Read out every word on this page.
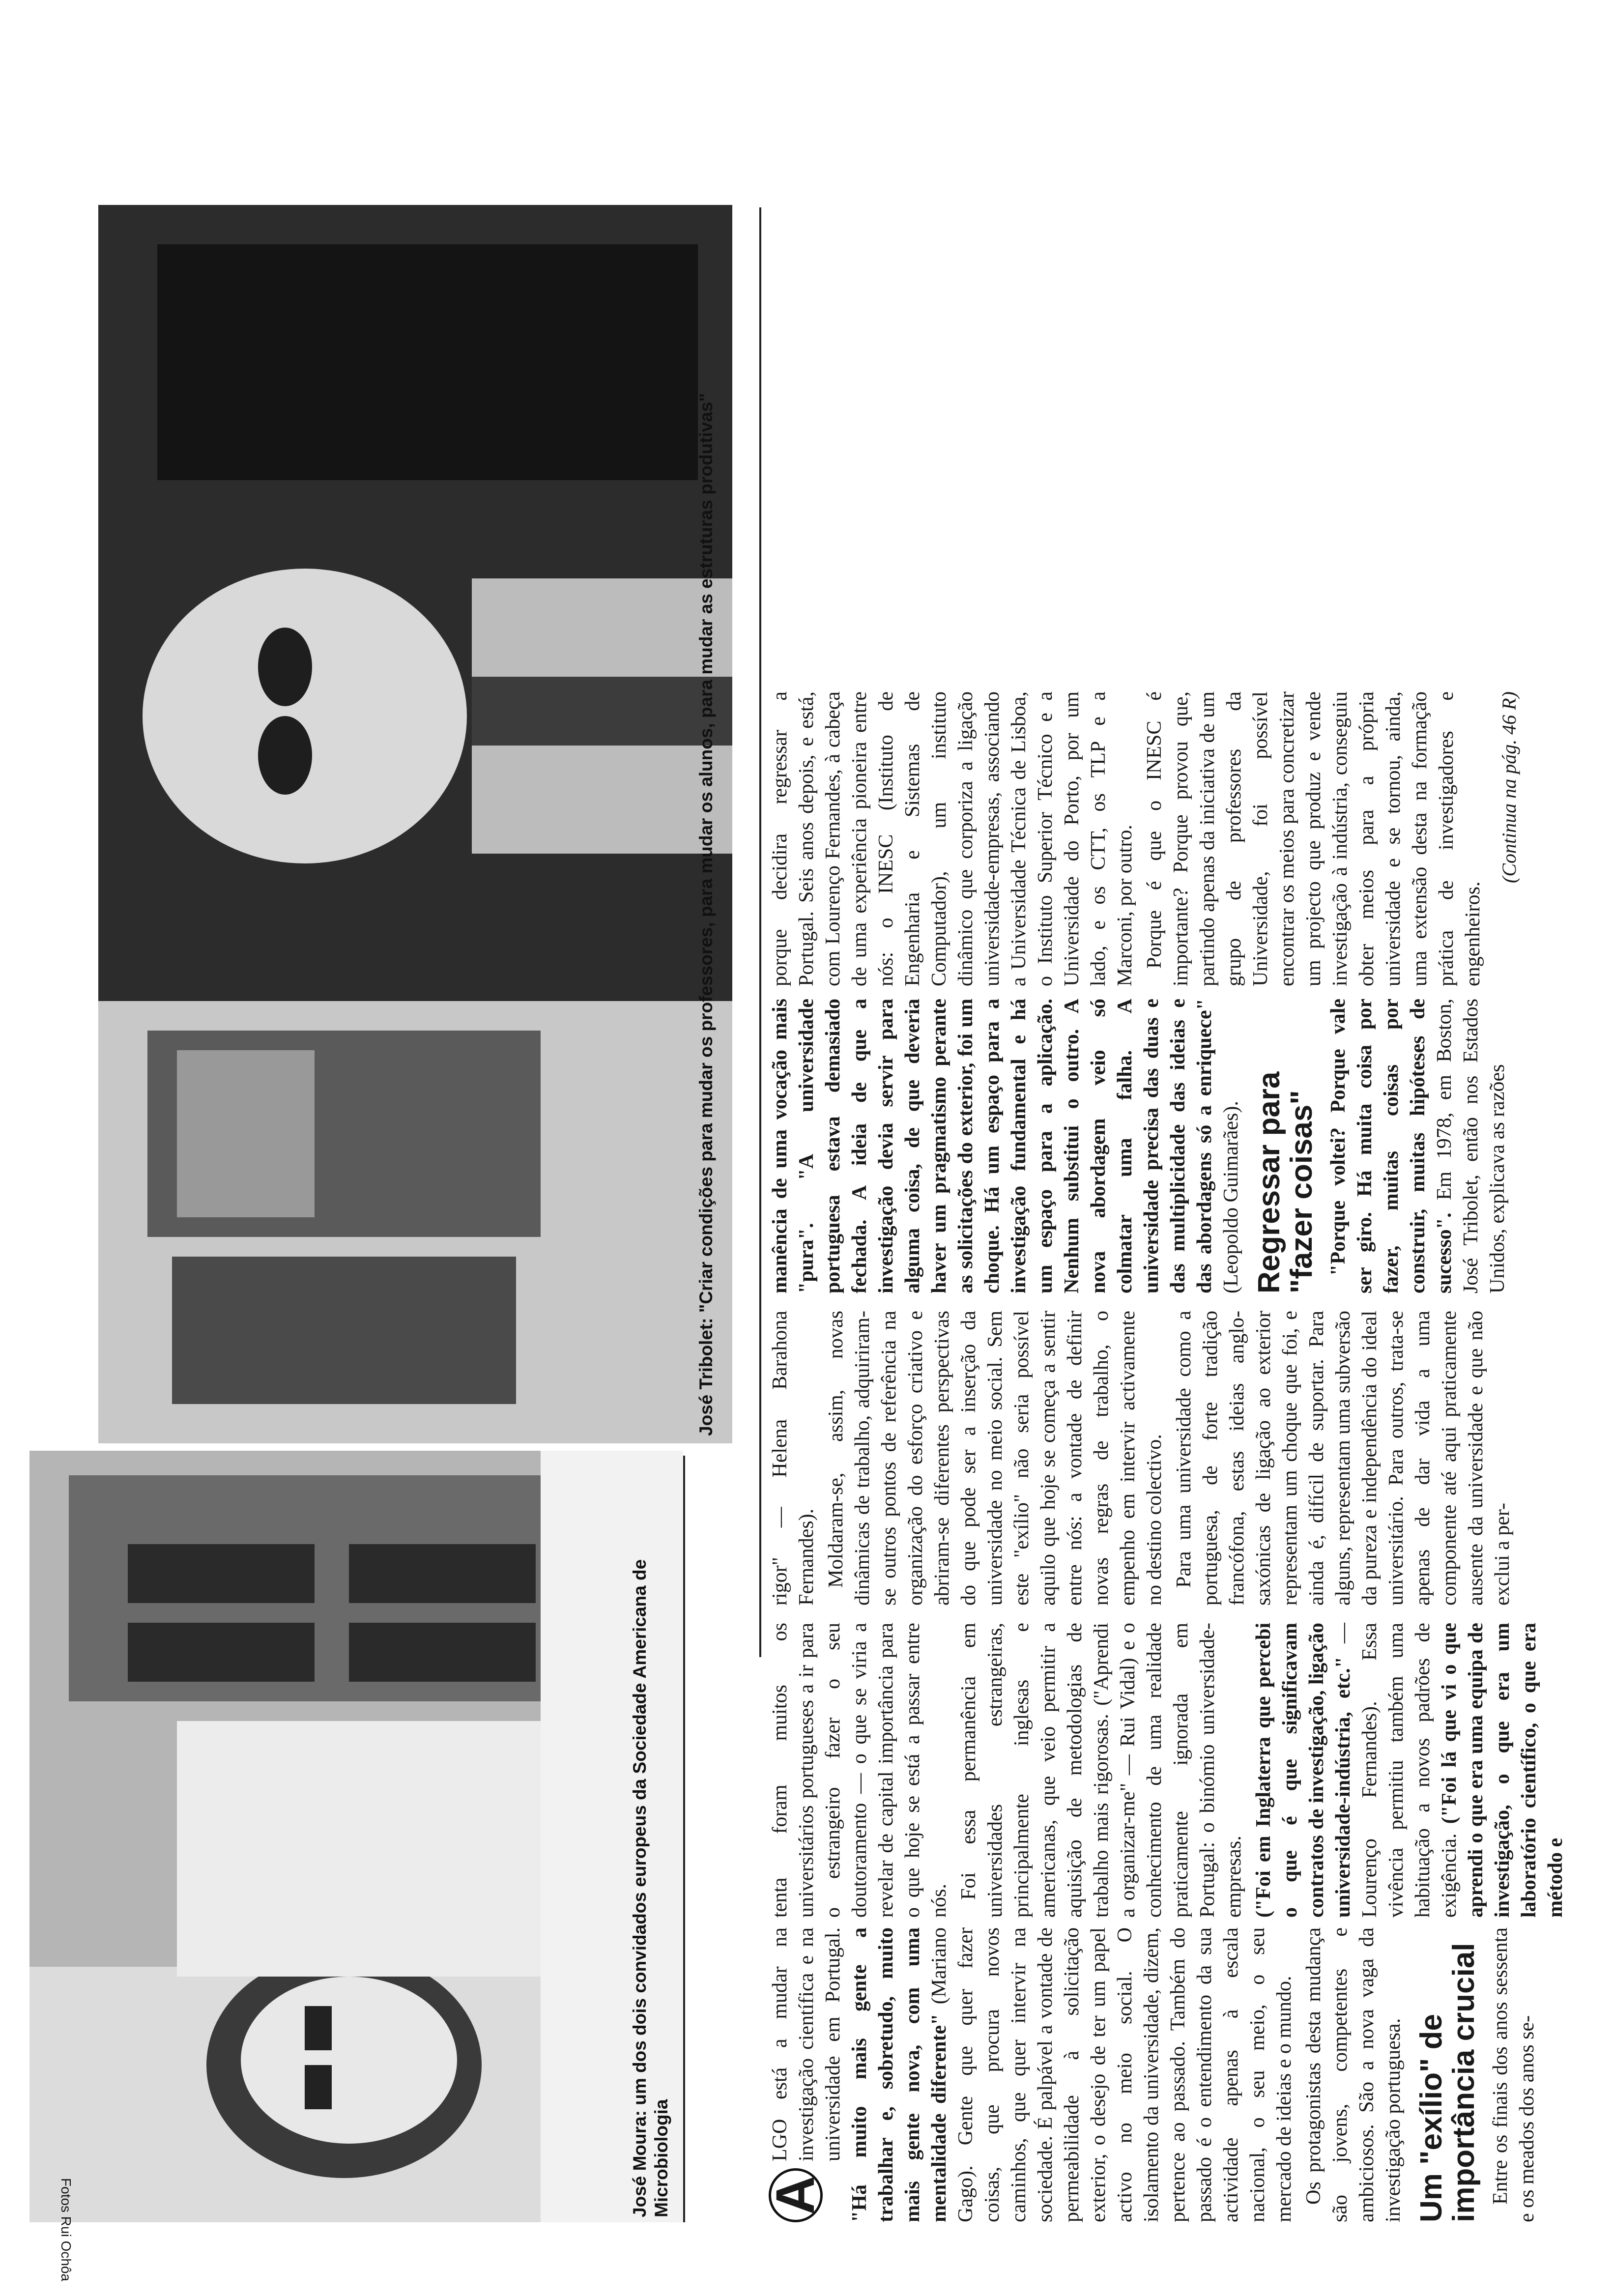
Fotos Rui Ochôa
José Moura: um dos dois convidados europeus da Sociedade Americana de Microbiologia
José Tribolet: "Criar condições para mudar os professores, para mudar os alunos, para mudar as estruturas produtivas"

A
LGO está a mudar na investigação científica e na universidade em Portugal. "Há muito mais gente a trabalhar e, sobretudo, muito mais gente nova, com uma mentalidade diferente" (Mariano Gago). Gente que quer fazer coisas, que procura novos caminhos, que quer intervir na sociedade. É palpável a vontade de permeabilidade à solicitação exterior, o desejo de ter um papel activo no meio social. O isolamento da universidade, dizem, pertence ao passado. Também do passado é o entendimento da sua actividade apenas à escala nacional, o seu meio, o seu mercado de ideias e o mundo. Os protagonistas desta mudança são jovens, competentes e ambiciosos. São a nova vaga da investigação portuguesa. Um "exílio" de importância crucial Entre os finais dos anos sessenta e os meados dos anos se-

tenta foram muitos os universitários portugueses a ir para o estrangeiro fazer o seu doutoramento — o que se viria a revelar de capital importância para o que hoje se está a passar entre nós.

Foi essa permanência em universidades estrangeiras, principalmente inglesas e americanas, que veio permitir a aquisição de metodologias de trabalho mais rigorosas. ("Aprendi a organizar-me" — Rui Vidal) e o conhecimento de uma realidade praticamente ignorada em Portugal: o binómio universidade-empresas. ("Foi em Inglaterra que percebi o que é que significavam contratos de investigação, ligação universidade-indústria, etc." — Lourenço Fernandes). Essa vivência permitiu também uma habituação a novos padrões de exigência. ("Foi lá que vi o que aprendi o que era uma equipa de investigação, o que era um laboratório científico, o que era método e

rigor" — Helena Barahona Fernandes). Moldaram-se, assim, novas dinâmicas de trabalho, adquiriram-se outros pontos de referência na organização do esforço criativo e abriram-se diferentes perspectivas do que pode ser a inserção da universidade no meio social. Sem este "exílio" não seria possível aquilo que hoje se começa a sentir entre nós: a vontade de definir novas regras de trabalho, o empenho em intervir activamente no destino colectivo. Para uma universidade como a portuguesa, de forte tradição francófona, estas ideias anglo-saxónicas de ligação ao exterior representam um choque que foi, e ainda é, difícil de suportar. Para alguns, representam uma subversão da pureza e independência do ideal universitário. Para outros, trata-se apenas de dar vida a uma componente até aqui praticamente ausente da universidade e que não exclui a per-

manência de uma vocação mais "pura". "A universidade portuguesa estava demasiado fechada. A ideia de que a investigação devia servir para alguma coisa, de que deveria haver um pragmatismo perante as solicitações do exterior, foi um choque. Há um espaço para a investigação fundamental e há um espaço para a aplicação. Nenhum substitui o outro. A nova abordagem veio só colmatar uma falha. A universidade precisa das duas e das multiplicidade das ideias e das abordagens só a enriquece" (Leopoldo Guimarães). Regressar para "fazer coisas" "Porque voltei? Porque vale ser giro. Há muita coisa por fazer, muitas coisas por construir, muitas hipóteses de sucesso". Em 1978, em Boston, José Tribolet, então nos Estados Unidos, explicava as razões

porque decidira regressar a Portugal. Seis anos depois, e está, com Lourenço Fernandes, à cabeça de uma experiência pioneira entre nós: o INESC (Instituto de Engenharia e Sistemas de Computador), um instituto dinâmico que corporiza a ligação universidade-empresas, associando a Universidade Técnica de Lisboa, o Instituto Superior Técnico e a Universidade do Porto, por um lado, e os CTT, os TLP e a Marconi, por outro. Porque é que o INESC é importante? Porque provou que, partindo apenas da iniciativa de um grupo de professores da Universidade, foi possível encontrar os meios para concretizar um projecto que produz e vende investigação à indústria, conseguiu obter meios para a própria universidade e se tornou, ainda, uma extensão desta na formação prática de investigadores e engenheiros.

(Continua na pág. 46 R)
